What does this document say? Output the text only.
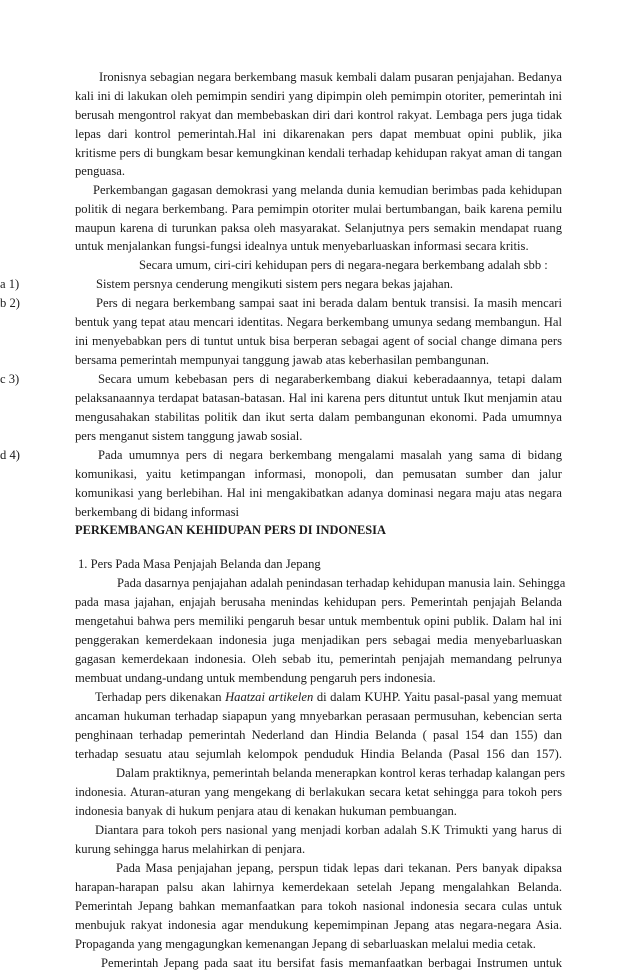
Ironisnya sebagian negara berkembang masuk kembali dalam pusaran penjajahan. Bedanya
kali ini di lakukan oleh pemimpin sendiri yang dipimpin oleh pemimpin otoriter, pemerintah ini
berusah mengontrol rakyat dan membebaskan diri dari kontrol rakyat. Lembaga pers juga tidak
lepas dari kontrol pemerintah.Hal ini dikarenakan pers dapat membuat opini publik, jika
kritisme pers di bungkam besar kemungkinan kendali terhadap kehidupan rakyat aman di tangan
penguasa.
Perkembangan gagasan demokrasi yang melanda dunia kemudian berimbas pada kehidupan
politik di negara berkembang. Para pemimpin otoriter mulai bertumbangan, baik karena pemilu
maupun karena di turunkan paksa oleh masyarakat. Selanjutnya pers semakin mendapat ruang
untuk menjalankan fungsi-fungsi idealnya untuk menyebarluaskan informasi secara kritis.
Secara umum, ciri-ciri kehidupan pers di negara-negara berkembang adalah sbb :
a 1)	Sistem persnya cenderung mengikuti sistem pers negara bekas jajahan.
b 2)	Pers di negara berkembang sampai saat ini berada dalam bentuk transisi. Ia masih mencari
bentuk yang tepat atau mencari identitas. Negara berkembang umunya sedang membangun. Hal
ini menyebabkan pers di tuntut untuk bisa berperan sebagai agent of social change dimana pers
bersama pemerintah mempunyai tanggung jawab atas keberhasilan pembangunan.
c 3)	Secara umum kebebasan pers di negaraberkembang diakui keberadaannya, tetapi dalam
pelaksanaannya terdapat batasan-batasan. Hal ini karena pers dituntut untuk Ikut menjamin atau
mengusahakan stabilitas politik dan ikut serta dalam pembangunan ekonomi. Pada umumnya
pers menganut sistem tanggung jawab sosial.
d 4)	Pada umumnya pers di negara berkembang mengalami masalah yang sama di bidang
komunikasi, yaitu ketimpangan informasi, monopoli, dan pemusatan sumber dan jalur
komunikasi yang berlebihan. Hal ini mengakibatkan adanya dominasi negara maju atas negara
berkembang di bidang informasi
PERKEMBANGAN KEHIDUPAN PERS DI INDONESIA
1. Pers Pada Masa Penjajah Belanda dan Jepang
Pada dasarnya penjajahan adalah penindasan terhadap kehidupan manusia lain. Sehingga
pada masa jajahan, enjajah berusaha menindas kehidupan pers. Pemerintah penjajah Belanda
mengetahui bahwa pers memiliki pengaruh besar untuk membentuk opini publik. Dalam hal ini
penggerakan kemerdekaan indonesia juga menjadikan pers sebagai media menyebarluaskan
gagasan kemerdekaan indonesia. Oleh sebab itu, pemerintah penjajah memandang pelrunya
membuat undang-undang untuk membendung pengaruh pers indonesia.
Terhadap pers dikenakan Haatzai artikelen di dalam KUHP. Yaitu pasal-pasal yang memuat
ancaman hukuman terhadap siapapun yang mnyebarkan perasaan permusuhan, kebencian serta
penghinaan terhadap pemerintah Nederland dan Hindia Belanda ( pasal 154 dan 155) dan
terhadap sesuatu atau sejumlah kelompok penduduk Hindia Belanda (Pasal 156 dan 157).
Dalam praktiknya, pemerintah belanda menerapkan kontrol keras terhadap kalangan pers
indonesia. Aturan-aturan yang mengekang di berlakukan secara ketat sehingga para tokoh pers
indonesia banyak di hukum penjara atau di kenakan hukuman pembuangan.
Diantara para tokoh pers nasional yang menjadi korban adalah S.K Trimukti yang harus di
kurung sehingga harus melahirkan di penjara.
Pada Masa penjajahan jepang, perspun tidak lepas dari tekanan. Pers banyak dipaksa
harapan-harapan palsu akan lahirnya kemerdekaan setelah Jepang mengalahkan Belanda.
Pemerintah Jepang bahkan memanfaatkan para tokoh nasional indonesia secara culas untuk
menbujuk rakyat indonesia agar mendukung kepemimpinan Jepang atas negara-negara Asia.
Propaganda yang mengagungkan kemenangan Jepang di sebarluaskan melalui media cetak.
Pemerintah Jepang pada saat itu bersifat fasis memanfaatkan berbagai Instrumen untuk
